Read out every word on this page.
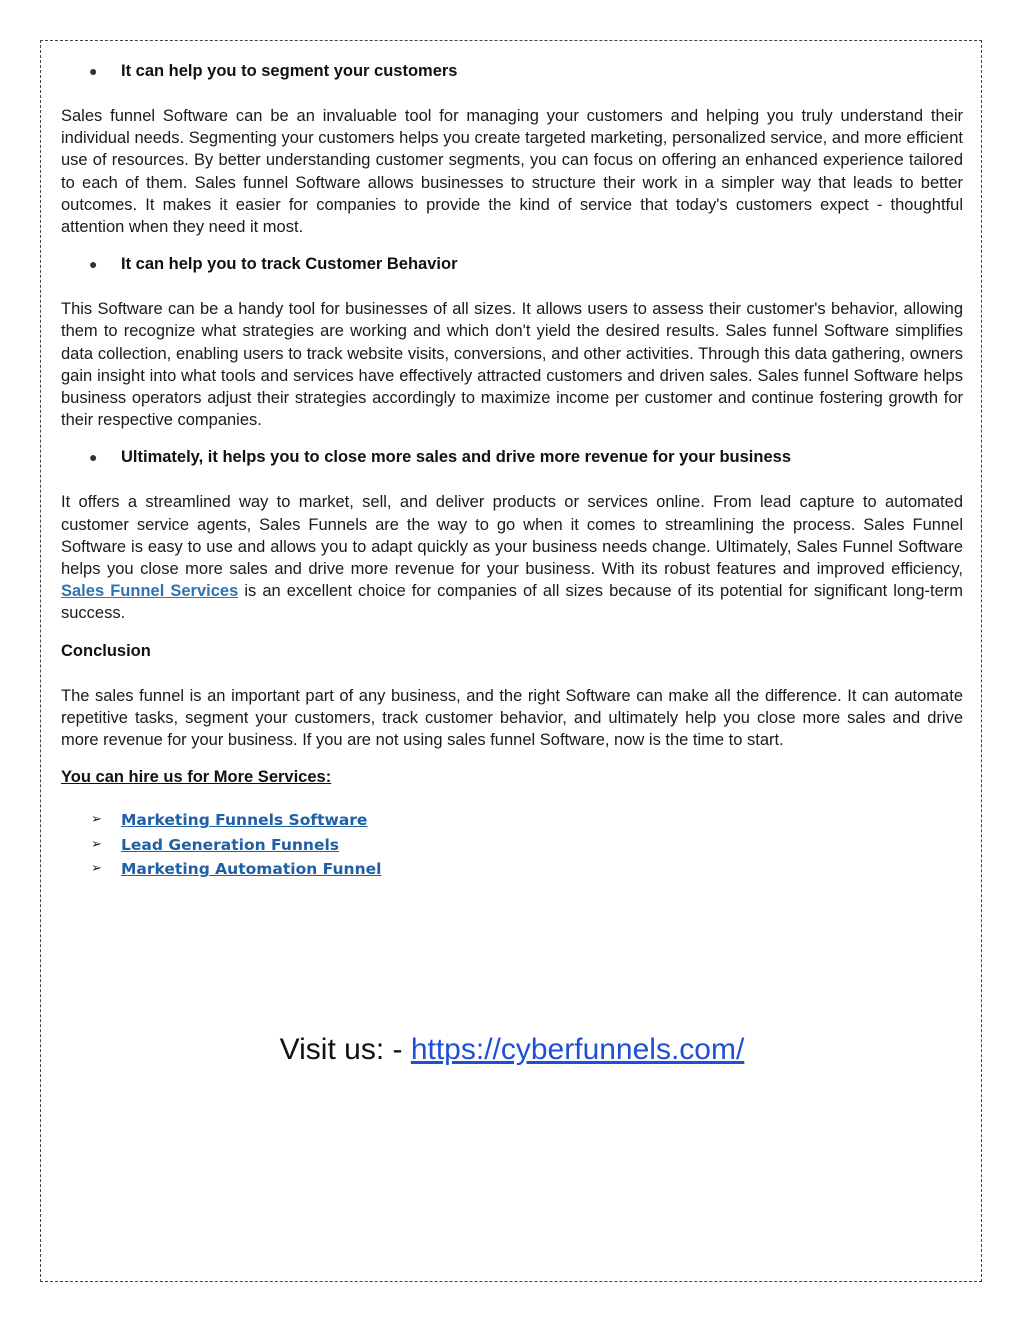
● It can help you to segment your customers

Sales funnel Software can be an invaluable tool for managing your customers and helping you truly understand their individual needs. Segmenting your customers helps you create targeted marketing, personalized service, and more efficient use of resources. By better understanding customer segments, you can focus on offering an enhanced experience tailored to each of them. Sales funnel Software allows businesses to structure their work in a simpler way that leads to better outcomes. It makes it easier for companies to provide the kind of service that today's customers expect - thoughtful attention when they need it most.

● It can help you to track Customer Behavior

This Software can be a handy tool for businesses of all sizes. It allows users to assess their customer's behavior, allowing them to recognize what strategies are working and which don't yield the desired results. Sales funnel Software simplifies data collection, enabling users to track website visits, conversions, and other activities. Through this data gathering, owners gain insight into what tools and services have effectively attracted customers and driven sales. Sales funnel Software helps business operators adjust their strategies accordingly to maximize income per customer and continue fostering growth for their respective companies.

● Ultimately, it helps you to close more sales and drive more revenue for your business

It offers a streamlined way to market, sell, and deliver products or services online. From lead capture to automated customer service agents, Sales Funnels are the way to go when it comes to streamlining the process. Sales Funnel Software is easy to use and allows you to adapt quickly as your business needs change. Ultimately, Sales Funnel Software helps you close more sales and drive more revenue for your business. With its robust features and improved efficiency, Sales Funnel Services is an excellent choice for companies of all sizes because of its potential for significant long-term success.

Conclusion

The sales funnel is an important part of any business, and the right Software can make all the difference. It can automate repetitive tasks, segment your customers, track customer behavior, and ultimately help you close more sales and drive more revenue for your business. If you are not using sales funnel Software, now is the time to start.

You can hire us for More Services:
➢ Marketing Funnels Software
➢ Lead Generation Funnels
➢ Marketing Automation Funnel
Visit us: - https://cyberfunnels.com/
